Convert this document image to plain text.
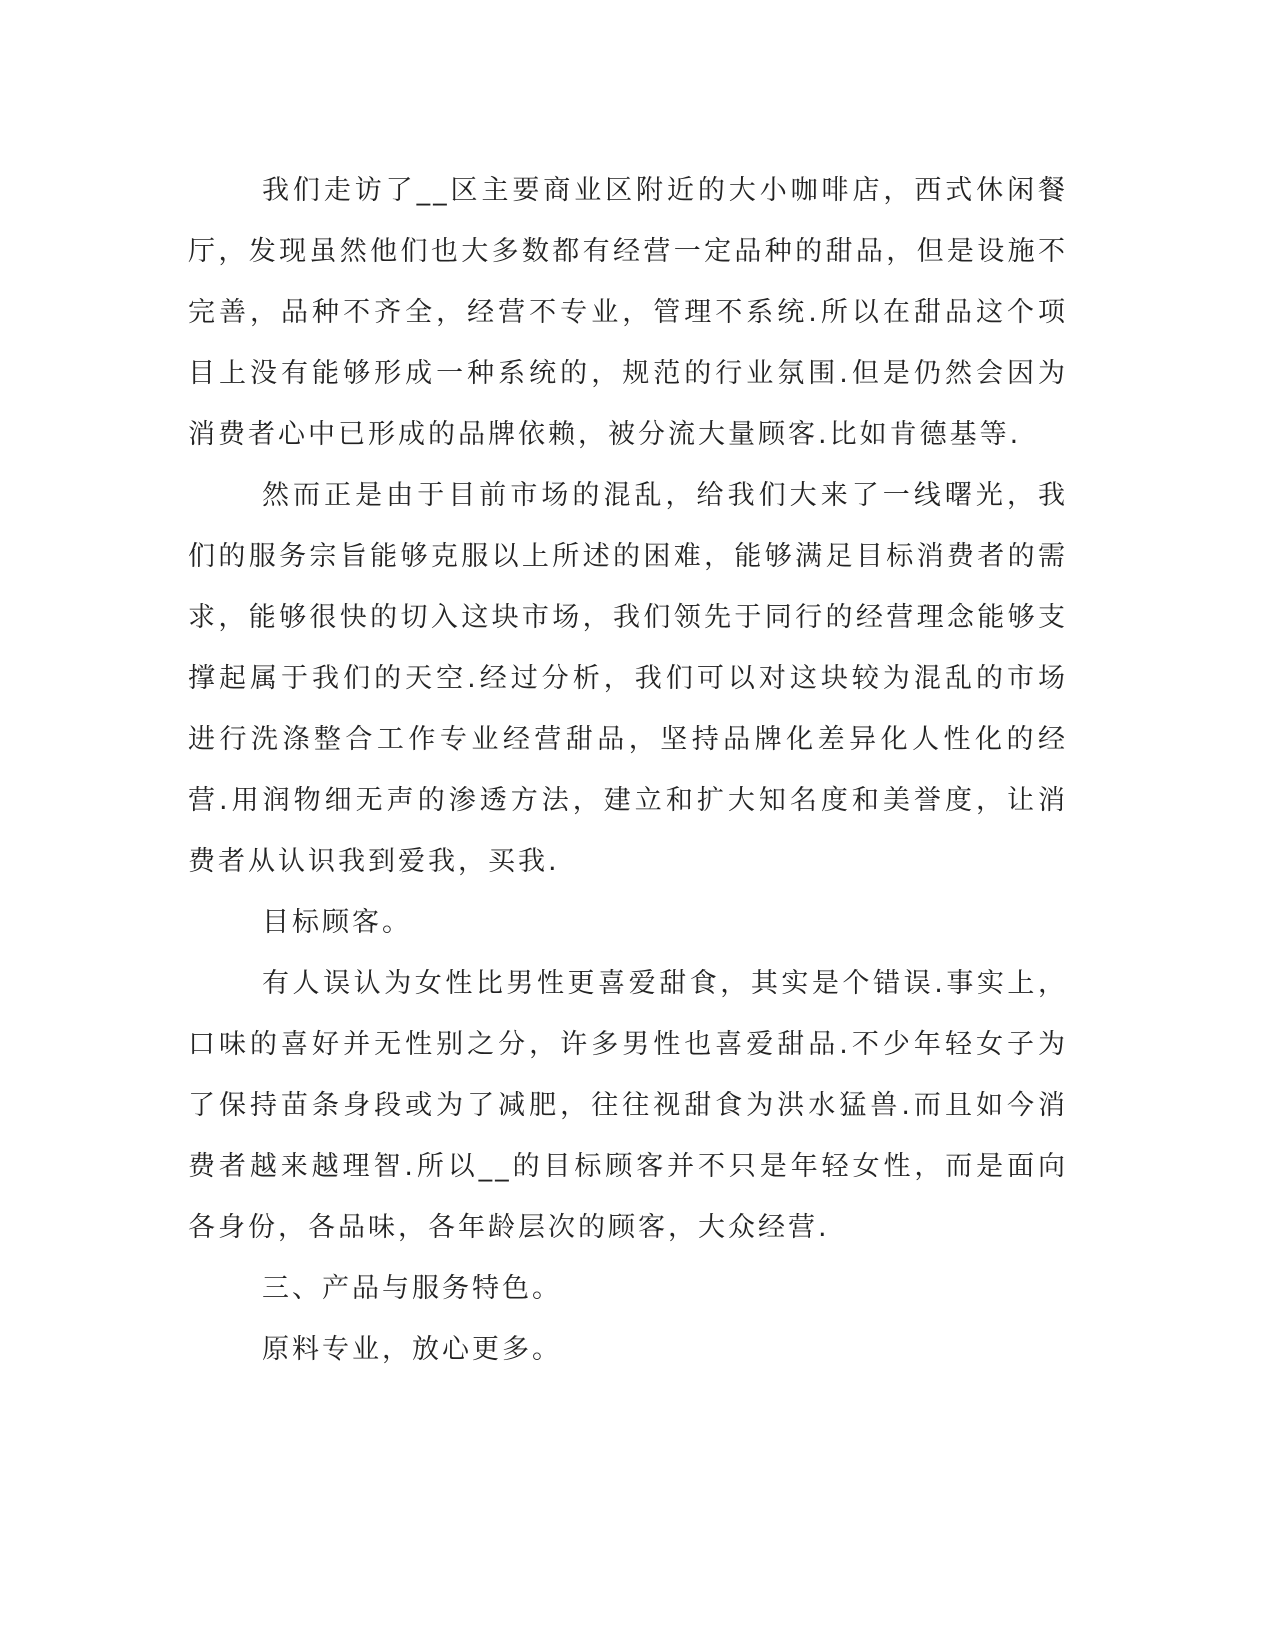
我们走访了__区主要商业区附近的大小咖啡店，西式休闲餐厅，发现虽然他们也大多数都有经营一定品种的甜品，但是设施不完善，品种不齐全，经营不专业，管理不系统.所以在甜品这个项目上没有能够形成一种系统的，规范的行业氛围.但是仍然会因为消费者心中已形成的品牌依赖，被分流大量顾客.比如肯德基等.

然而正是由于目前市场的混乱，给我们大来了一线曙光，我们的服务宗旨能够克服以上所述的困难，能够满足目标消费者的需求，能够很快的切入这块市场，我们领先于同行的经营理念能够支撑起属于我们的天空.经过分析，我们可以对这块较为混乱的市场进行洗涤整合工作专业经营甜品，坚持品牌化差异化人性化的经营.用润物细无声的渗透方法，建立和扩大知名度和美誉度，让消费者从认识我到爱我，买我.

目标顾客。

有人误认为女性比男性更喜爱甜食，其实是个错误.事实上，口味的喜好并无性别之分，许多男性也喜爱甜品.不少年轻女子为了保持苗条身段或为了减肥，往往视甜食为洪水猛兽.而且如今消费者越来越理智.所以__的目标顾客并不只是年轻女性，而是面向各身份，各品味，各年龄层次的顾客，大众经营.

三、产品与服务特色。

原料专业，放心更多。
